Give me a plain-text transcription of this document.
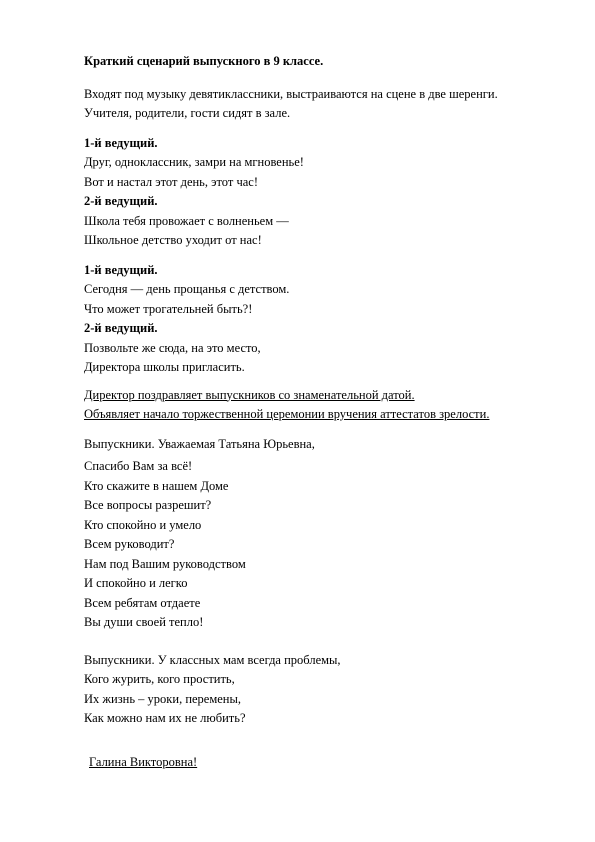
Краткий сценарий выпускного в 9 классе.
Входят под музыку девятиклассники, выстраиваются на сцене в две шеренги.
Учителя, родители, гости сидят в зале.
1-й ведущий.
Друг, одноклассник, замри на мгновенье!
Вот и настал этот день, этот час!
2-й ведущий.
Школа тебя провожает с волненьем —
Школьное детство уходит от нас!
1-й ведущий.
Сегодня — день прощанья с детством.
Что может трогательней быть?!
2-й ведущий.
Позвольте же сюда, на это место,
Директора школы пригласить.
Директор поздравляет выпускников со знаменательной датой.
Объявляет начало торжественной церемонии вручения аттестатов зрелости.
Выпускники. Уважаемая Татьяна Юрьевна,
Спасибо Вам за всё!
Кто скажите в нашем Доме
Все вопросы разрешит?
Кто спокойно и умело
Всем руководит?
Нам под Вашим руководством
И спокойно и легко
Всем ребятам отдаете
Вы души своей тепло!
Выпускники. У классных мам всегда проблемы,
Кого журить, кого простить,
Их жизнь – уроки, перемены,
Как можно нам их не любить?
Галина Викторовна!
